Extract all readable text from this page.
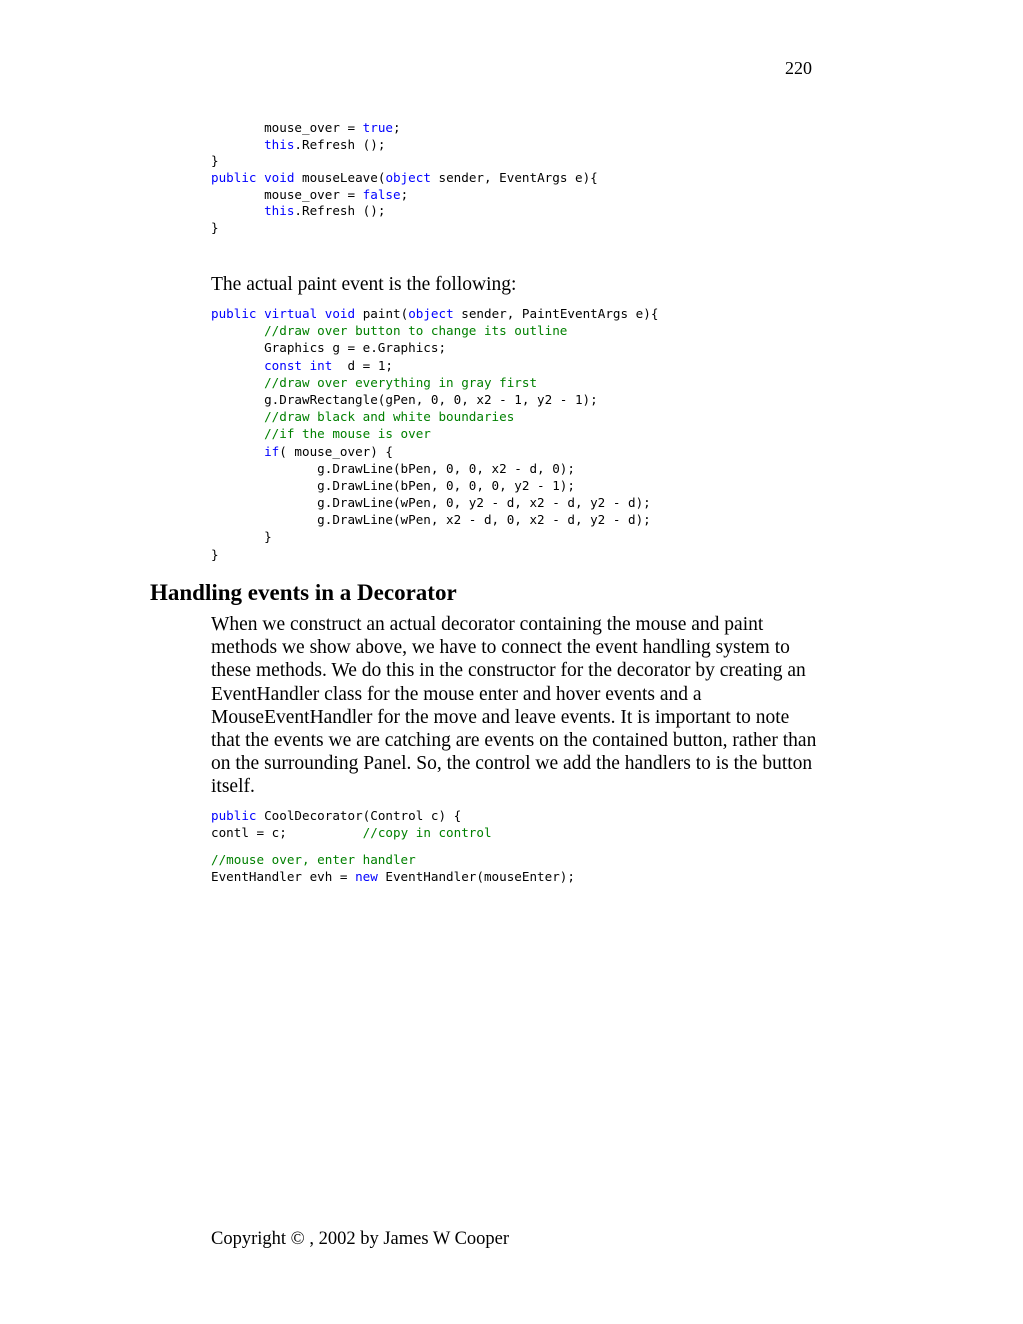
220
mouse_over = true;
this.Refresh ();
}
public void mouseLeave(object sender, EventArgs e){
mouse_over = false;
this.Refresh ();
}

The actual paint event is the following:

public virtual void paint(object sender, PaintEventArgs e){
//draw over button to change its outline
Graphics g = e.Graphics;
const int  d = 1;
//draw over everything in gray first
g.DrawRectangle(gPen, 0, 0, x2 - 1, y2 - 1);
//draw black and white boundaries
//if the mouse is over
if( mouse_over) {
g.DrawLine(bPen, 0, 0, x2 - d, 0);
g.DrawLine(bPen, 0, 0, 0, y2 - 1);
g.DrawLine(wPen, 0, y2 - d, x2 - d, y2 - d);
g.DrawLine(wPen, x2 - d, 0, x2 - d, y2 - d);
}
}
Handling events in a Decorator

When we construct an actual decorator containing the mouse and paint methods we show above, we have to connect the event handling system to these methods. We do this in the constructor for the decorator by creating an EventHandler class for the mouse enter and hover events and a MouseEventHandler for the move and leave events. It is important to note that the events we are catching are events on the contained button, rather than on the surrounding Panel. So, the control we add the handlers to is the button itself.

public CoolDecorator(Control c) {
contl = c;          //copy in control
//mouse over, enter handler
EventHandler evh = new EventHandler(mouseEnter);
Copyright © , 2002 by James W Cooper
